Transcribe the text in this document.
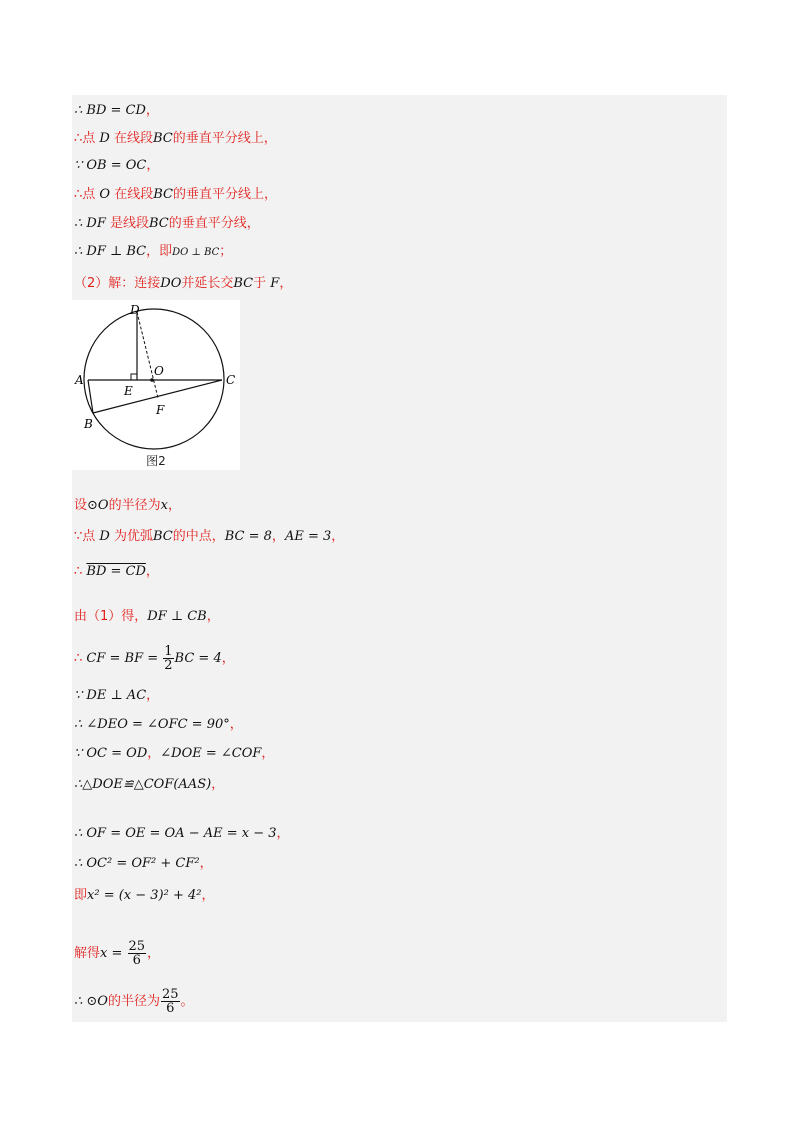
A
B
C
D
E
F
O
图2
∴ BD = CD，
∴点 D 在线段BC的垂直平分线上，
∵ OB = OC，
∴点 O 在线段BC的垂直平分线上，
∴ DF 是线段BC的垂直平分线，
∴ DF ⊥ BC，即DO ⊥ BC；
（2）解：连接DO并延长交BC于 F，
设⊙O的半径为x，
∵点 D 为优弧BC的中点，BC = 8，AE = 3，
∴ BD = CD，
由（1）得，DF ⊥ CB，
∴ CF = BF = $\frac{1}{2}$ BC = 4，
∵ DE ⊥ AC，
∴ ∠DEO = ∠OFC = 90°，
∵ OC = OD，∠DOE = ∠COF，
∴△DOE≌△COF(AAS)，
∴ OF = OE = OA − AE = x − 3，
∴ OC² = OF² + CF²，
即x² = (x − 3)² + 4²，
解得$x = \frac{25}{6}$ ，
∴ ⊙O的半径为 $\frac{25}{6}$ 。
